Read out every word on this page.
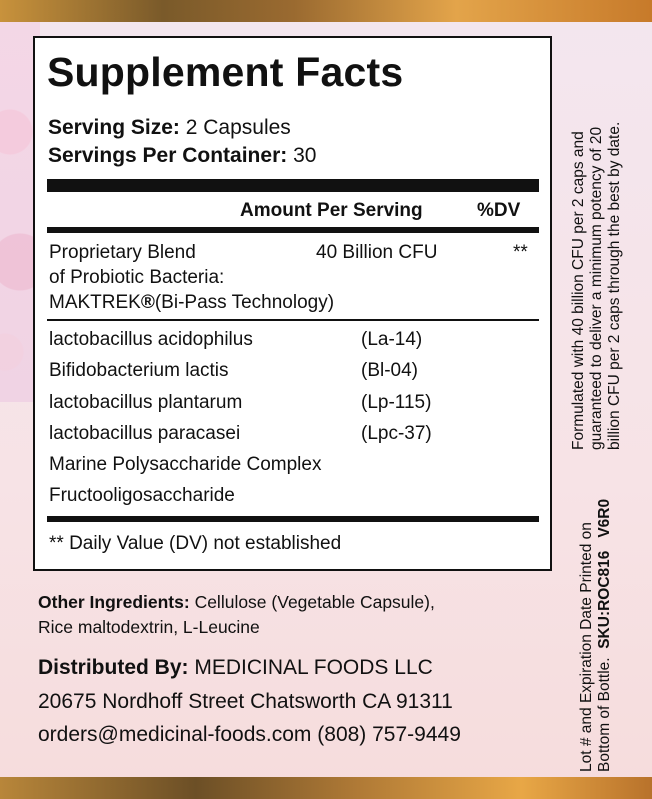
Supplement Facts
Serving Size: 2 Capsules
Servings Per Container: 30
Amount Per Serving	%DV
Proprietary Blend	40 Billion CFU	**
of Probiotic Bacteria:
MAKTREK®(Bi-Pass Technology)
lactobacillus acidophilus	(La-14)
Bifidobacterium lactis	(Bl-04)
lactobacillus plantarum	(Lp-115)
lactobacillus paracasei	(Lpc-37)
Marine Polysaccharide Complex
Fructooligosaccharide
** Daily Value (DV) not established
Other Ingredients: Cellulose (Vegetable Capsule),
Rice maltodextrin, L-Leucine
Distributed By: MEDICINAL FOODS LLC
20675 Nordhoff Street Chatsworth CA 91311
orders@medicinal-foods.com (808) 757-9449
Formulated with 40 billion CFU per 2 caps and guaranteed to deliver a minimum potency of 20 billion CFU per 2 caps through the best by date.
Lot # and Expiration Date Printed on Bottom of Bottle.  SKU:ROC816   V6R0
